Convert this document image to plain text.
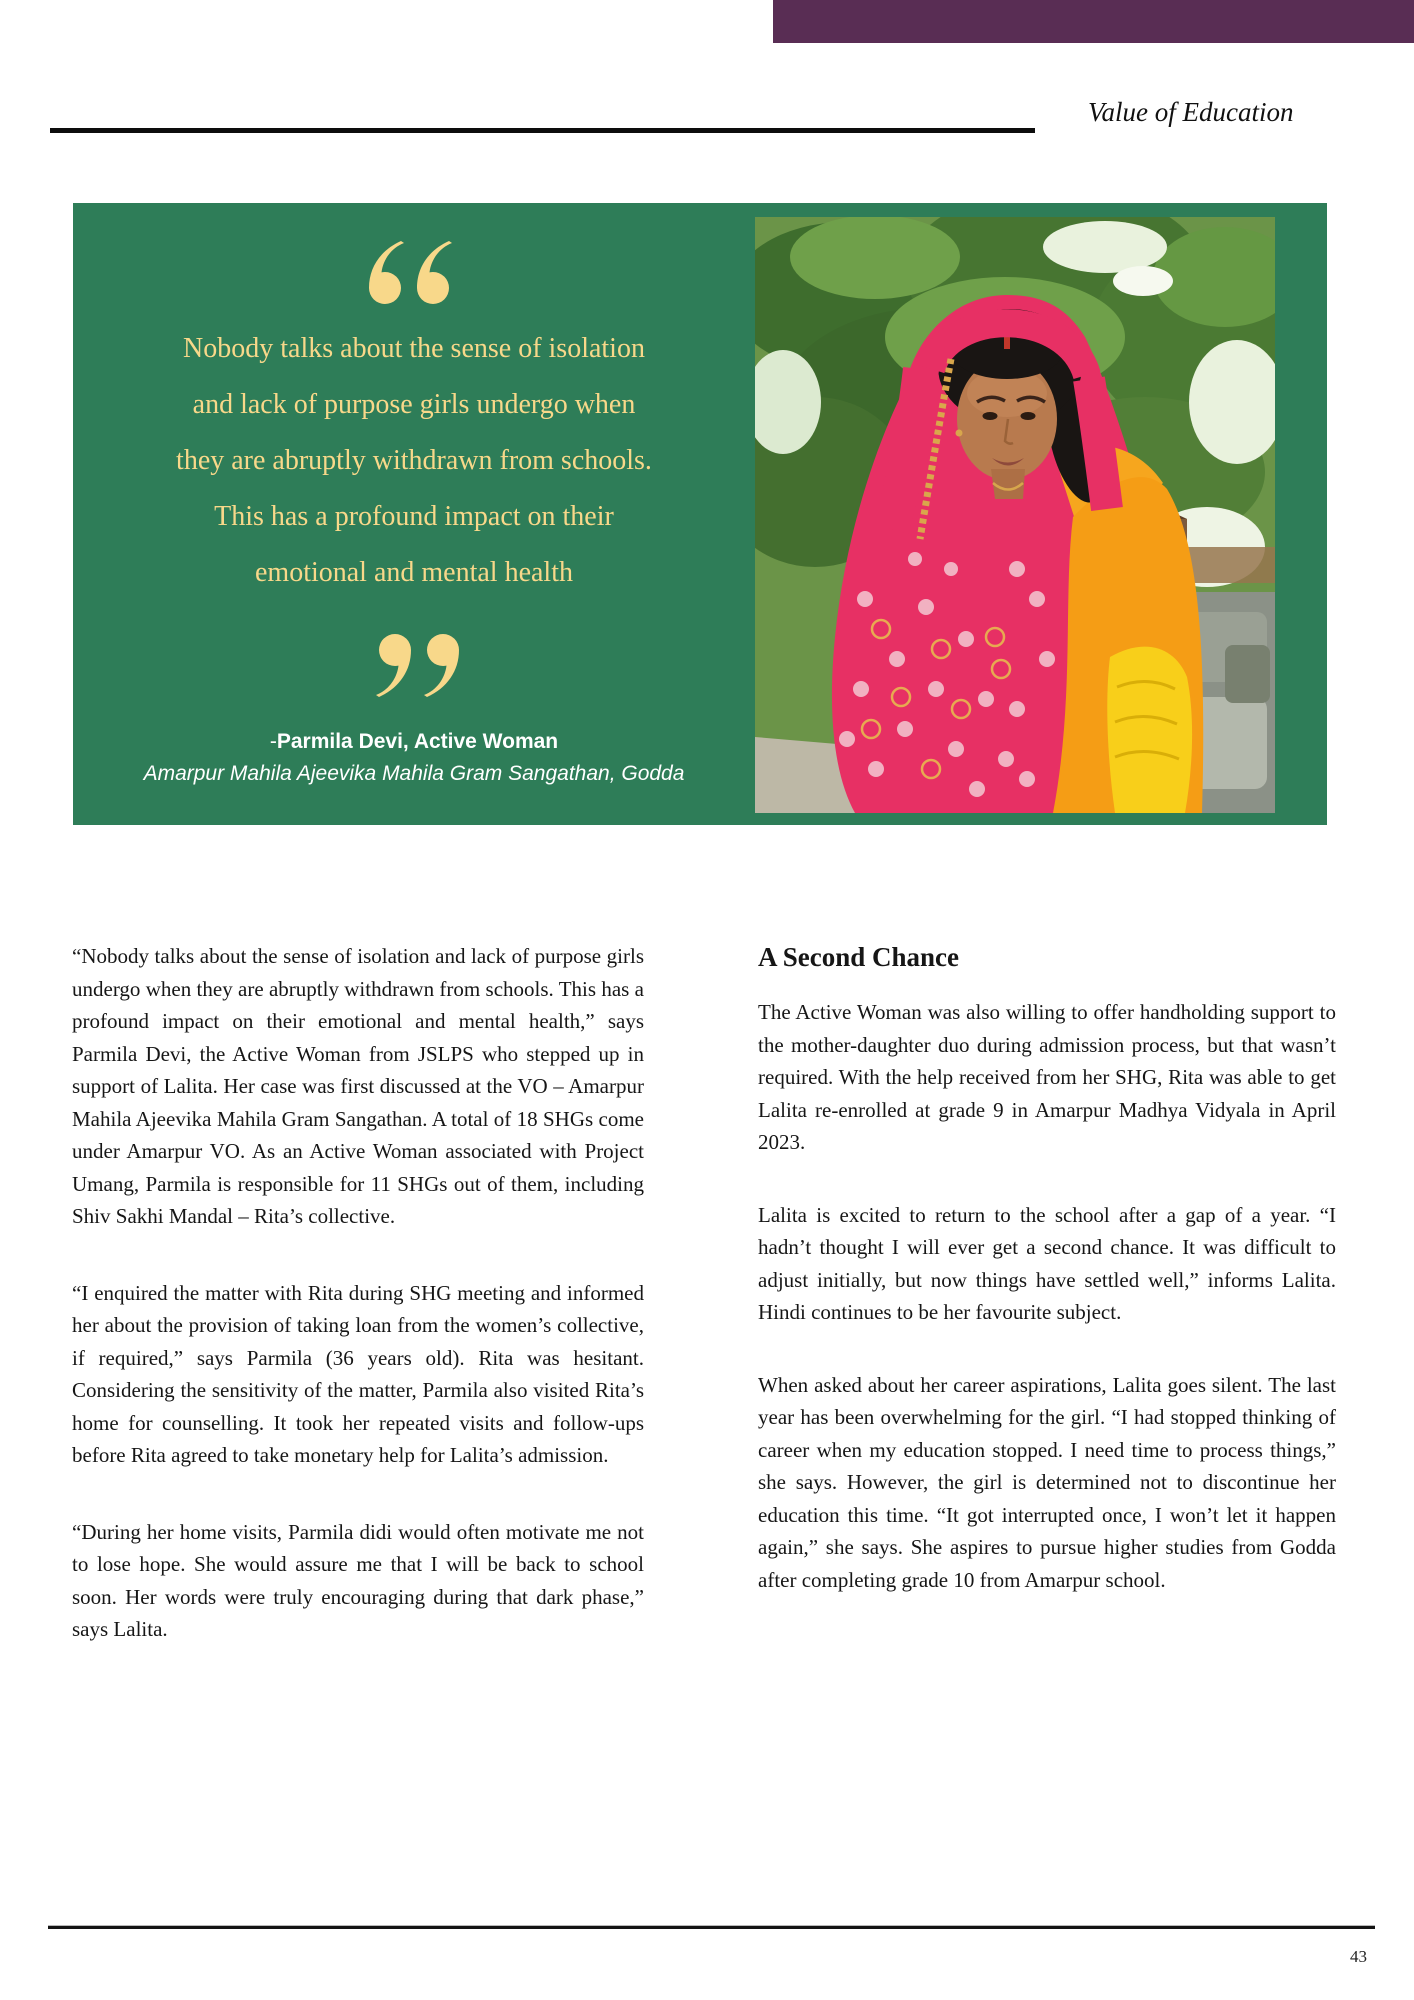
Value of Education
Nobody talks about the sense of isolation
and lack of purpose girls undergo when
they are abruptly withdrawn from schools.
This has a profound impact on their
emotional and mental health
-Parmila Devi, Active Woman
Amarpur Mahila Ajeevika Mahila Gram Sangathan, Godda

“Nobody talks about the sense of isolation and lack of purpose girls undergo when they are abruptly withdrawn from schools. This has a profound impact on their emotional and mental health,” says Parmila Devi, the Active Woman from JSLPS who stepped up in support of Lalita. Her case was first discussed at the VO – Amarpur Mahila Ajeevika Mahila Gram Sangathan. A total of 18 SHGs come under Amarpur VO. As an Active Woman associated with Project Umang, Parmila is responsible for 11 SHGs out of them, including Shiv Sakhi Mandal – Rita’s collective.

“I enquired the matter with Rita during SHG meeting and informed her about the provision of taking loan from the women’s collective, if required,” says Parmila (36 years old). Rita was hesitant. Considering the sensitivity of the matter, Parmila also visited Rita’s home for counselling. It took her repeated visits and follow-ups before Rita agreed to take monetary help for Lalita’s admission.

“During her home visits, Parmila didi would often motivate me not to lose hope. She would assure me that I will be back to school soon. Her words were truly encouraging during that dark phase,” says Lalita.

A Second Chance

The Active Woman was also willing to offer handholding support to the mother-daughter duo during admission process, but that wasn’t required. With the help received from her SHG, Rita was able to get Lalita re-enrolled at grade 9 in Amarpur Madhya Vidyala in April 2023.

Lalita is excited to return to the school after a gap of a year. “I hadn’t thought I will ever get a second chance. It was difficult to adjust initially, but now things have settled well,” informs Lalita. Hindi continues to be her favourite subject.

When asked about her career aspirations, Lalita goes silent. The last year has been overwhelming for the girl. “I had stopped thinking of career when my education stopped. I need time to process things,” she says. However, the girl is determined not to discontinue her education this time. “It got interrupted once, I won’t let it happen again,” she says. She aspires to pursue higher studies from Godda after completing grade 10 from Amarpur school.

43
